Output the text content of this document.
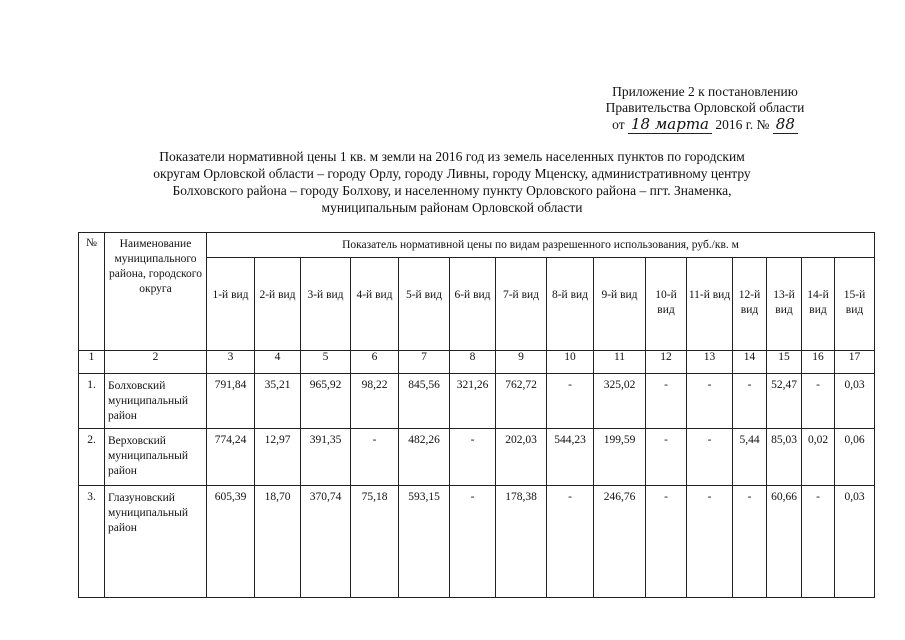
Приложение 2 к постановлению
Правительства Орловской области
от 18 марта 2016 г. № 88
Показатели нормативной цены 1 кв. м земли на 2016 год из земель населенных пунктов по городским
округам Орловской области – городу Орлу, городу Ливны, городу Мценску, административному центру
Болховского района – городу Болхову, и населенному пункту Орловского района – пгт. Знаменка,
муниципальным районам Орловской области
№	Наименование муниципального района, городского округа	Показатель нормативной цены по видам разрешенного использования, руб./кв. м														
		1-й вид	2-й вид	3-й вид	4-й вид	5-й вид	6-й вид	7-й вид	8-й вид	9-й вид	10-й вид	11-й вид	12-й вид	13-й вид	14-й вид	15-й вид
1	2	3	4	5	6	7	8	9	10	11	12	13	14	15	16	17
1.	Болховский муниципальный район	791,84	35,21	965,92	98,22	845,56	321,26	762,72	-	325,02	-	-	-	52,47	-	0,03
2.	Верховский муниципальный район	774,24	12,97	391,35	-	482,26	-	202,03	544,23	199,59	-	-	5,44	85,03	0,02	0,06
3.	Глазуновский муниципальный район	605,39	18,70	370,74	75,18	593,15	-	178,38	-	246,76	-	-	-	60,66	-	0,03
